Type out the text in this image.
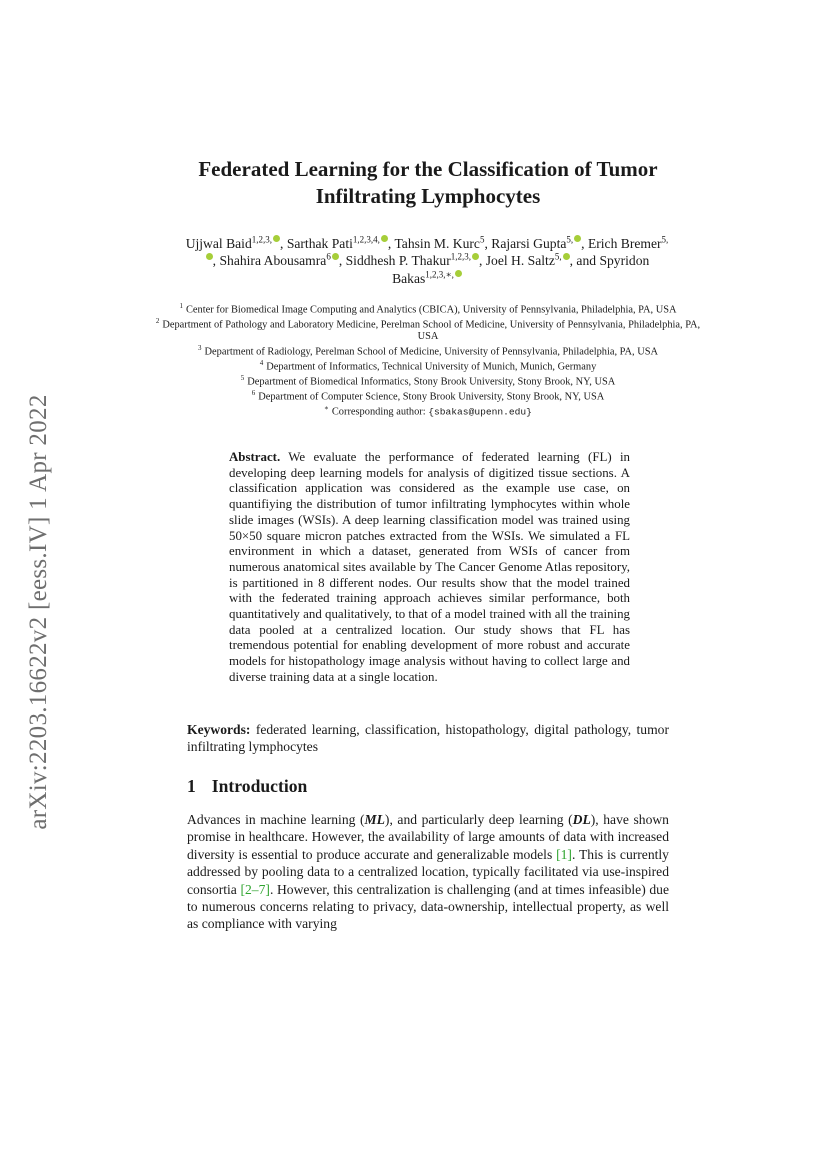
arXiv:2203.16622v2 [eess.IV] 1 Apr 2022
Federated Learning for the Classification of Tumor Infiltrating Lymphocytes
Ujjwal Baid$^{1,2,3,}$ , Sarthak Pati$^{1,2,3,4,}$ , Tahsin M. Kurc$^5$, Rajarsi Gupta$^{5,}$ , Erich Bremer$^{5,}$, Shahira Abousamra$^6$ , Siddhesh P. Thakur$^{1,2,3,}$ , Joel H. Saltz$^{5,}$ , and Spyridon Bakas$^{1,2,3,∗,}$

$^1$ Center for Biomedical Image Computing and Analytics (CBICA), University of Pennsylvania, Philadelphia, PA, USA

$^2$ Department of Pathology and Laboratory Medicine, Perelman School of Medicine, University of Pennsylvania, Philadelphia, PA, USA

$^3$ Department of Radiology, Perelman School of Medicine, University of Pennsylvania, Philadelphia, PA, USA

$^4$ Department of Informatics, Technical University of Munich, Munich, Germany

$^5$ Department of Biomedical Informatics, Stony Brook University, Stony Brook, NY, USA

$^6$ Department of Computer Science, Stony Brook University, Stony Brook, NY, USA

∗ Corresponding author: {sbakas@upenn.edu}

Abstract. We evaluate the performance of federated learning (FL) in developing deep learning models for analysis of digitized tissue sections. A classification application was considered as the example use case, on quantifiying the distribution of tumor infiltrating lymphocytes within whole slide images (WSIs). A deep learning classification model was trained using 50×50 square micron patches extracted from the WSIs. We simulated a FL environment in which a dataset, generated from WSIs of cancer from numerous anatomical sites available by The Cancer Genome Atlas repository, is partitioned in 8 different nodes. Our results show that the model trained with the federated training approach achieves similar performance, both quantitatively and qualitatively, to that of a model trained with all the training data pooled at a centralized location. Our study shows that FL has tremendous potential for enabling development of more robust and accurate models for histopathology image analysis without having to collect large and diverse training data at a single location.

Keywords: federated learning, classification, histopathology, digital pathology, tumor infiltrating lymphocytes
1 Introduction

Advances in machine learning (ML), and particularly deep learning (DL), have shown promise in healthcare. However, the availability of large amounts of data with increased diversity is essential to produce accurate and generalizable models [1]. This is currently addressed by pooling data to a centralized location, typically facilitated via use-inspired consortia [2–7]. However, this centralization is challenging (and at times infeasible) due to numerous concerns relating to privacy, data-ownership, intellectual property, as well as compliance with varying
